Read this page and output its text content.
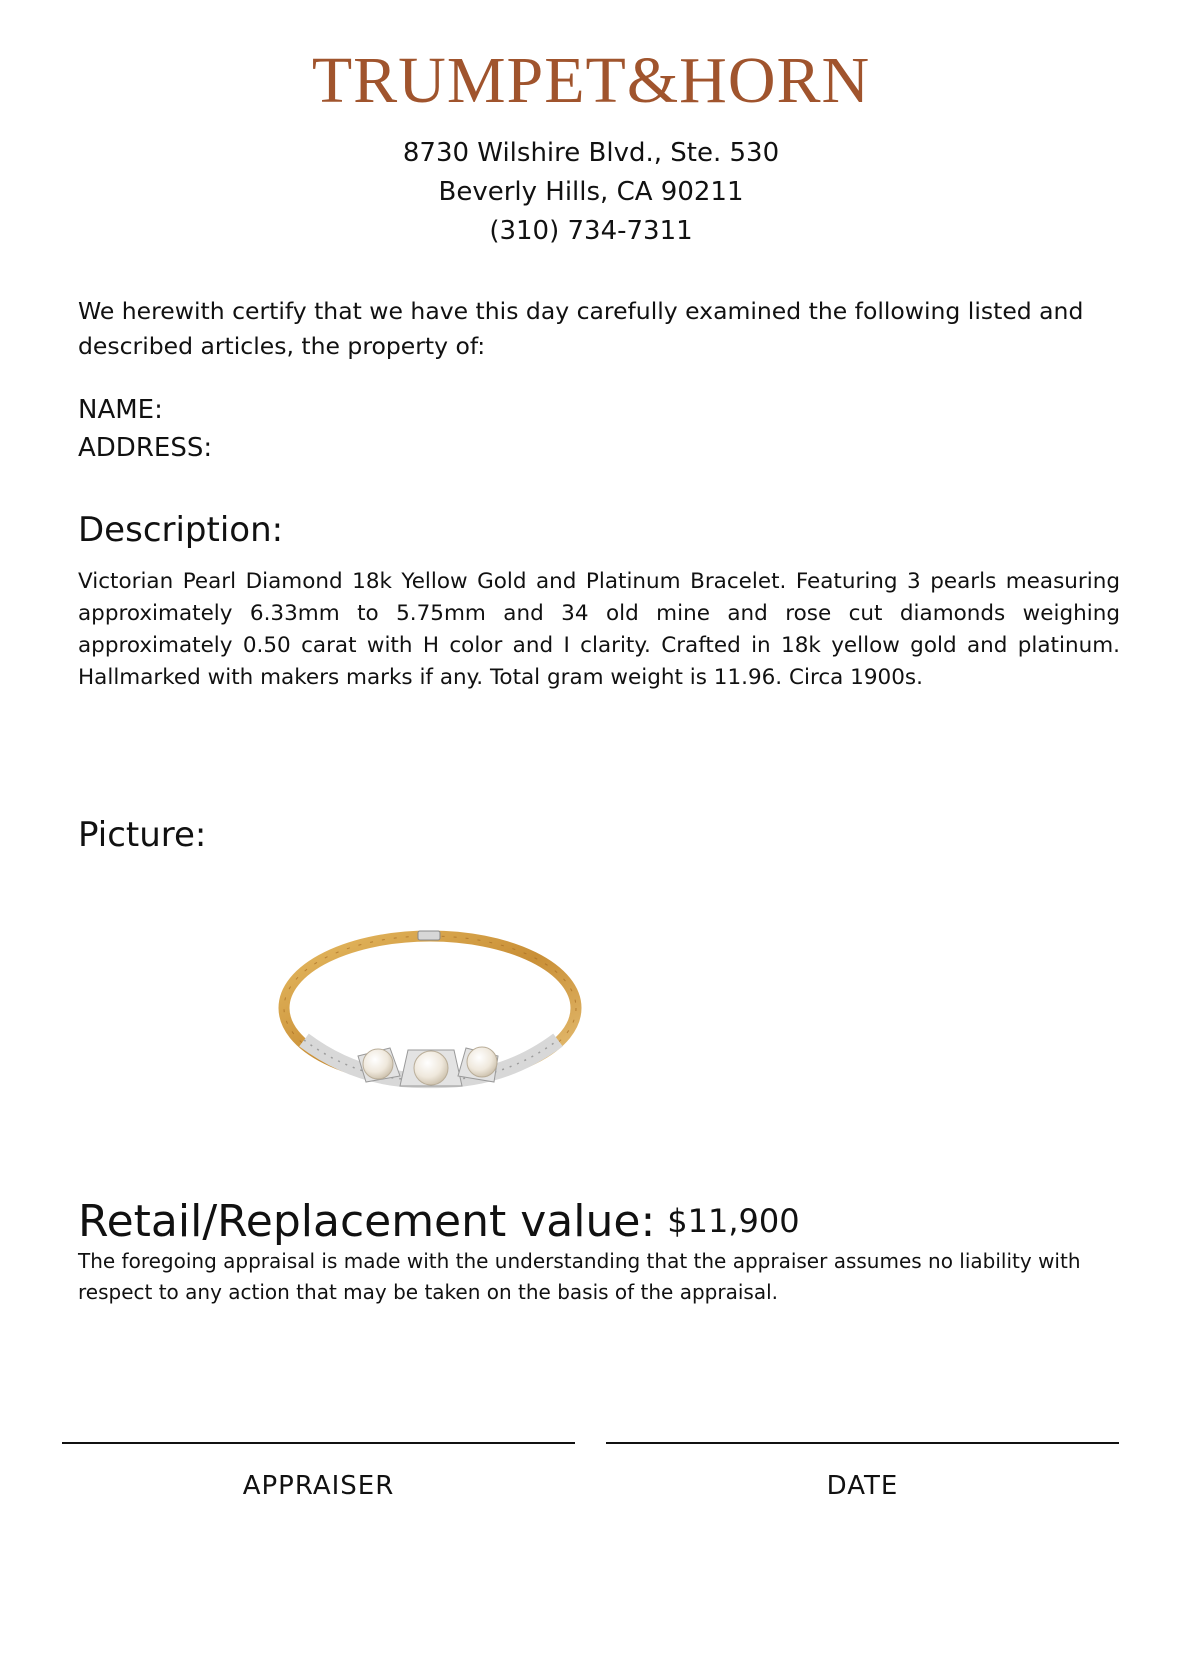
TRUMPET&HORN
8730 Wilshire Blvd., Ste. 530
Beverly Hills, CA 90211
(310) 734-7311
We herewith certify that we have this day carefully examined the following listed and described articles, the property of:
NAME:
ADDRESS:
Description:
Victorian Pearl Diamond 18k Yellow Gold and Platinum Bracelet. Featuring 3 pearls measuring approximately 6.33mm to 5.75mm and 34 old mine and rose cut diamonds weighing approximately 0.50 carat with H color and I clarity. Crafted in 18k yellow gold and platinum. Hallmarked with makers marks if any. Total gram weight is 11.96. Circa 1900s.
Picture:
Retail/Replacement value: $11,900
The foregoing appraisal is made with the understanding that the appraiser assumes no liability with respect to any action that may be taken on the basis of the appraisal.
APPRAISER	DATE
